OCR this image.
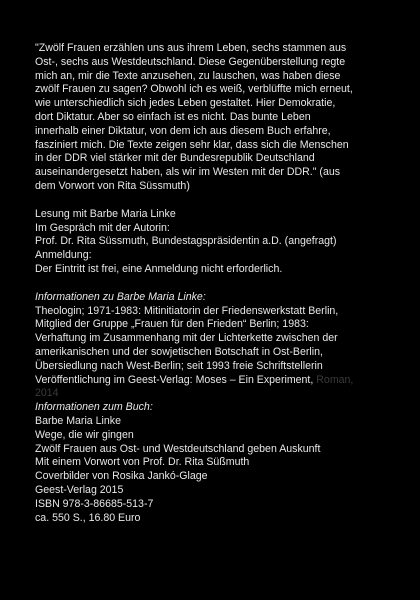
"Zwölf Frauen erzählen uns aus ihrem Leben, sechs stammen aus
Ost-, sechs aus Westdeutschland. Diese Gegenüberstellung regte
mich an, mir die Texte anzusehen, zu lauschen, was haben diese
zwölf Frauen zu sagen? Obwohl ich es weiß, verblüffte mich erneut,
wie unterschiedlich sich jedes Leben gestaltet. Hier Demokratie,
dort Diktatur. Aber so einfach ist es nicht. Das bunte Leben
innerhalb einer Diktatur, von dem ich aus diesem Buch erfahre,
fasziniert mich. Die Texte zeigen sehr klar, dass sich die Menschen
in der DDR viel stärker mit der Bundesrepublik Deutschland
auseinandergesetzt haben, als wir im Westen mit der DDR." (aus
dem Vorwort von Rita Süssmuth)
Lesung mit Barbe Maria Linke
Im Gespräch mit der Autorin:
Prof. Dr. Rita Süssmuth, Bundestagspräsidentin a.D. (angefragt)
Anmeldung:
Der Eintritt ist frei, eine Anmeldung nicht erforderlich.
Informationen zu Barbe Maria Linke:
Theologin; 1971-1983: Mitinitiatorin der Friedenswerkstatt Berlin,
Mitglied der Gruppe „Frauen für den Frieden“ Berlin; 1983:
Verhaftung im Zusammenhang mit der Lichterkette zwischen der
amerikanischen und der sowjetischen Botschaft in Ost-Berlin,
Übersiedlung nach West-Berlin; seit 1993 freie Schriftstellerin
Veröffentlichung im Geest-Verlag: Moses – Ein Experiment, Roman,
2014
Informationen zum Buch:
Barbe Maria Linke
Wege, die wir gingen
Zwölf Frauen aus Ost- und Westdeutschland geben Auskunft
Mit einem Vorwort von Prof. Dr. Rita Süßmuth
Coverbilder von Rosika Jankó-Glage
Geest-Verlag 2015
ISBN 978-3-86685-513-7
ca. 550 S., 16.80 Euro
